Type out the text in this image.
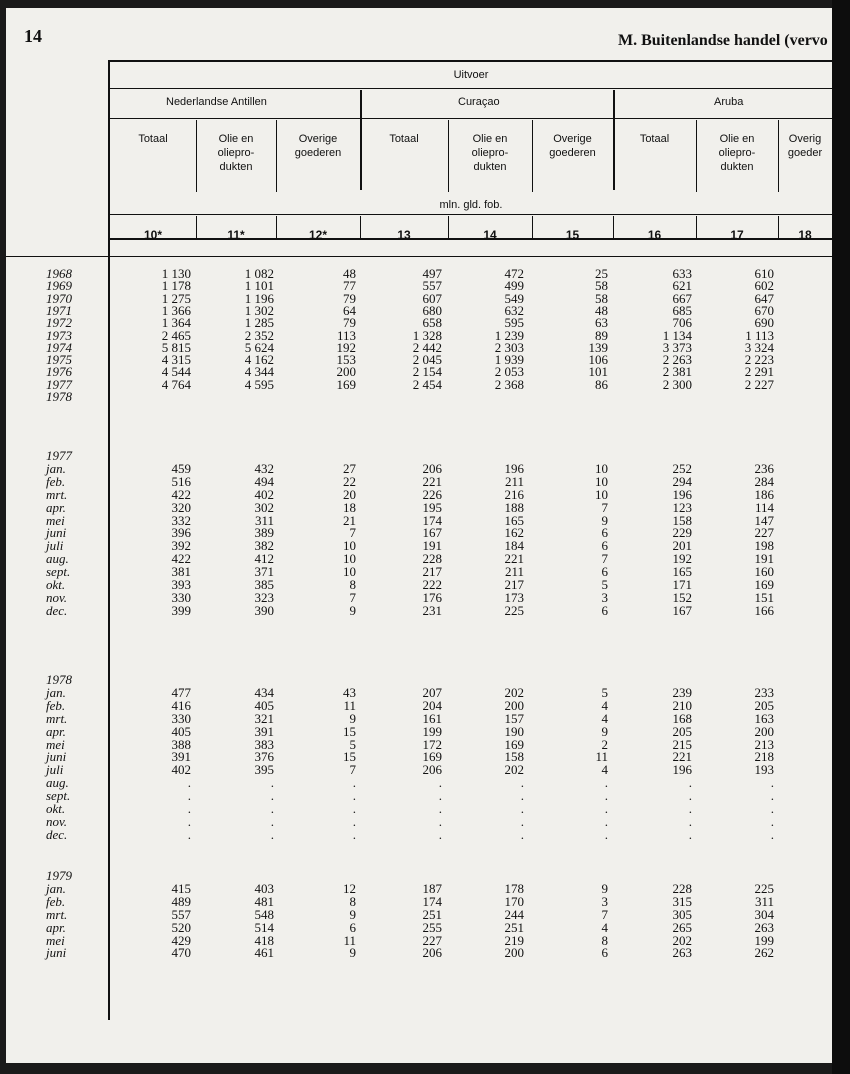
14	M. Buitenlandse handel (vervo
Uitvoer
Nederlandse Antillen	Curaçao	Aruba
mln. gld. fob.
Totaal	Olie en
oliepro-
dukten
Overige
goederen
Totaal	Olie en
oliepro-
dukten
Overige
goederen
Totaal	Olie en
oliepro-
dukten
Overig
goeder
10*	11*	12*	13	14	15	16	17	18
1968	1 130	1 082	48	497	472	25	633	610
1969	1 178	1 101	77	557	499	58	621	602
1970	1 275	1 196	79	607	549	58	667	647
1971	1 366	1 302	64	680	632	48	685	670
1972	1 364	1 285	79	658	595	63	706	690
1973	2 465	2 352	113	1 328	1 239	89	1 134	1 113
1974	5 815	5 624	192	2 442	2 303	139	3 373	3 324
1975	4 315	4 162	153	2 045	1 939	106	2 263	2 223
1976	4 544	4 344	200	2 154	2 053	101	2 381	2 291
1977	4 764	4 595	169	2 454	2 368	86	2 300	2 227
1978
1977
jan.	459	432	27	206	196	10	252	236
feb.	516	494	22	221	211	10	294	284
mrt.	422	402	20	226	216	10	196	186
apr.	320	302	18	195	188	7	123	114
mei	332	311	21	174	165	9	158	147
juni	396	389	7	167	162	6	229	227
juli	392	382	10	191	184	6	201	198
aug.	422	412	10	228	221	7	192	191
sept.	381	371	10	217	211	6	165	160
okt.	393	385	8	222	217	5	171	169
nov.	330	323	7	176	173	3	152	151
dec.	399	390	9	231	225	6	167	166
1978
jan.	477	434	43	207	202	5	239	233
feb.	416	405	11	204	200	4	210	205
mrt.	330	321	9	161	157	4	168	163
apr.	405	391	15	199	190	9	205	200
mei	388	383	5	172	169	2	215	213
juni	391	376	15	169	158	11	221	218
juli	402	395	7	206	202	4	196	193
aug.	.	.	.	.	.	.	.	.
sept.	.	.	.	.	.	.	.	.
okt.	.	.	.	.	.	.	.	.
nov.	.	.	.	.	.	.	.	.
dec.	.	.	.	.	.	.	.	.
1979
jan.	415	403	12	187	178	9	228	225
feb.	489	481	8	174	170	3	315	311
mrt.	557	548	9	251	244	7	305	304
apr.	520	514	6	255	251	4	265	263
mei	429	418	11	227	219	8	202	199
juni	470	461	9	206	200	6	263	262
